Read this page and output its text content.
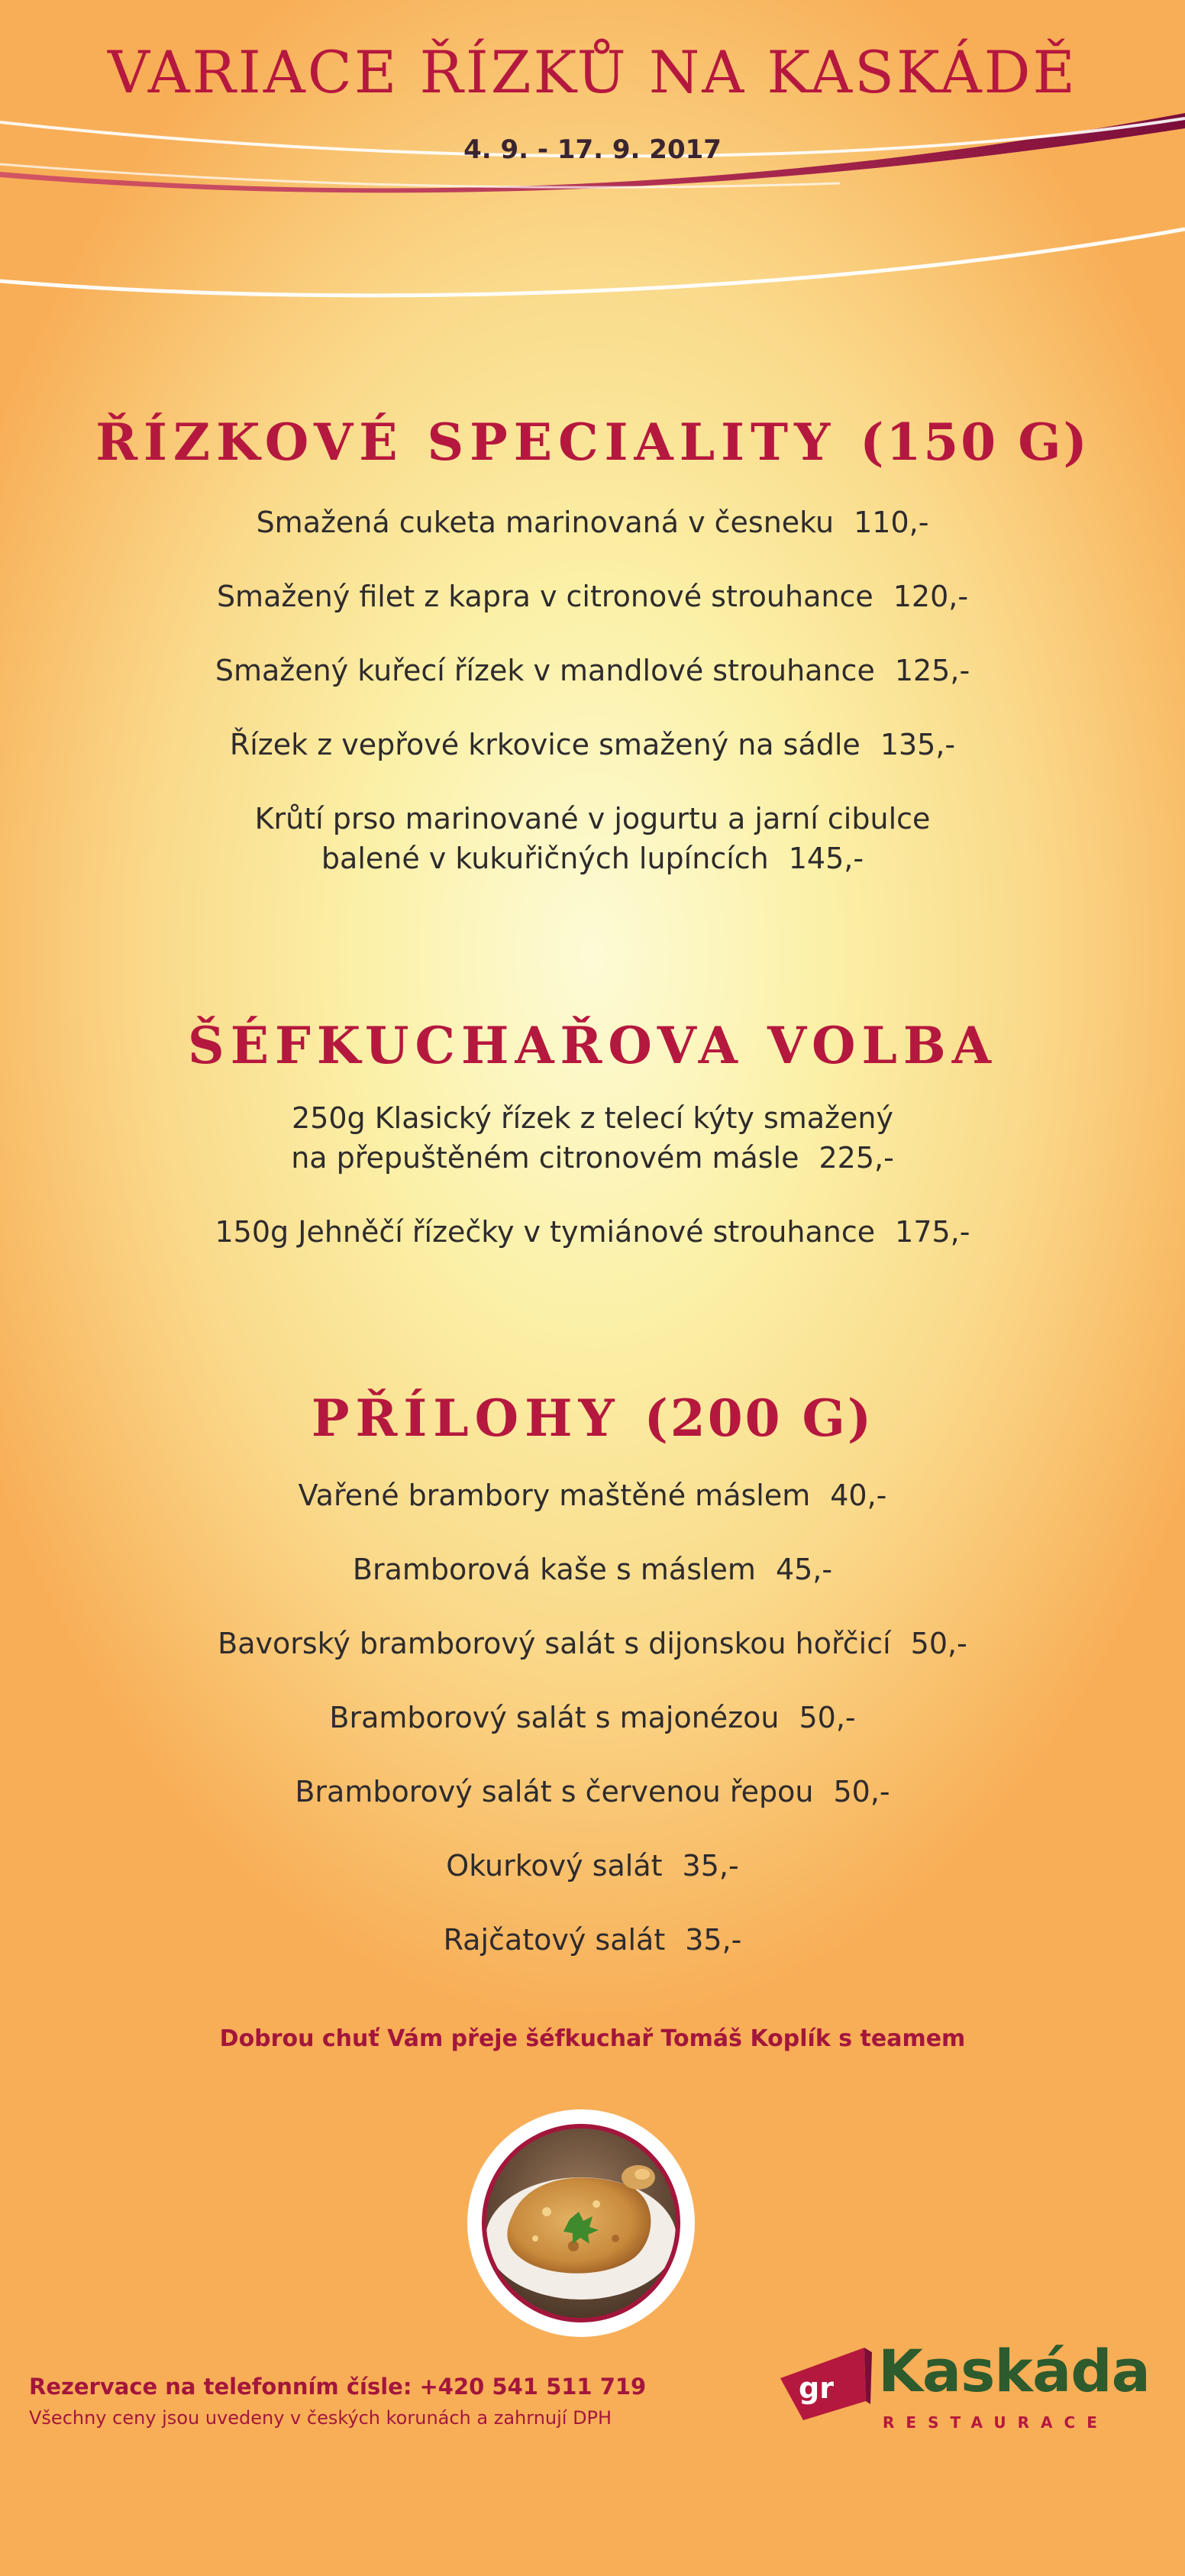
VARIACE ŘÍZKŮ NA KASKÁDĚ
4. 9. - 17. 9. 2017
ŘÍZKOVÉ SPECIALITY (150 G)
Smažená cuketa marinovaná v česneku 110,-
Smažený filet z kapra v citronové strouhance 120,-
Smažený kuřecí řízek v mandlové strouhance 125,-
Řízek z vepřové krkovice smažený na sádle 135,-
Krůtí prso marinované v jogurtu a jarní cibulce
balené v kukuřičných lupíncích 145,-
ŠÉFKUCHAŘOVA VOLBA
250g Klasický řízek z telecí kýty smažený
na přepuštěném citronovém másle 225,-
150g Jehněčí řízečky v tymiánové strouhance 175,-
PŘÍLOHY (200 G)
Vařené brambory maštěné máslem 40,-
Bramborová kaše s máslem 45,-
Bavorský bramborový salát s dijonskou hořčicí 50,-
Bramborový salát s majonézou 50,-
Bramborový salát s červenou řepou 50,-
Okurkový salát 35,-
Rajčatový salát 35,-
Dobrou chuť Vám přeje šéfkuchař Tomáš Koplík s teamem
Rezervace na telefonním čísle: +420 541 511 719
Všechny ceny jsou uvedeny v českých korunách a zahrnují DPH
gr Kaskáda
RESTAURACE
